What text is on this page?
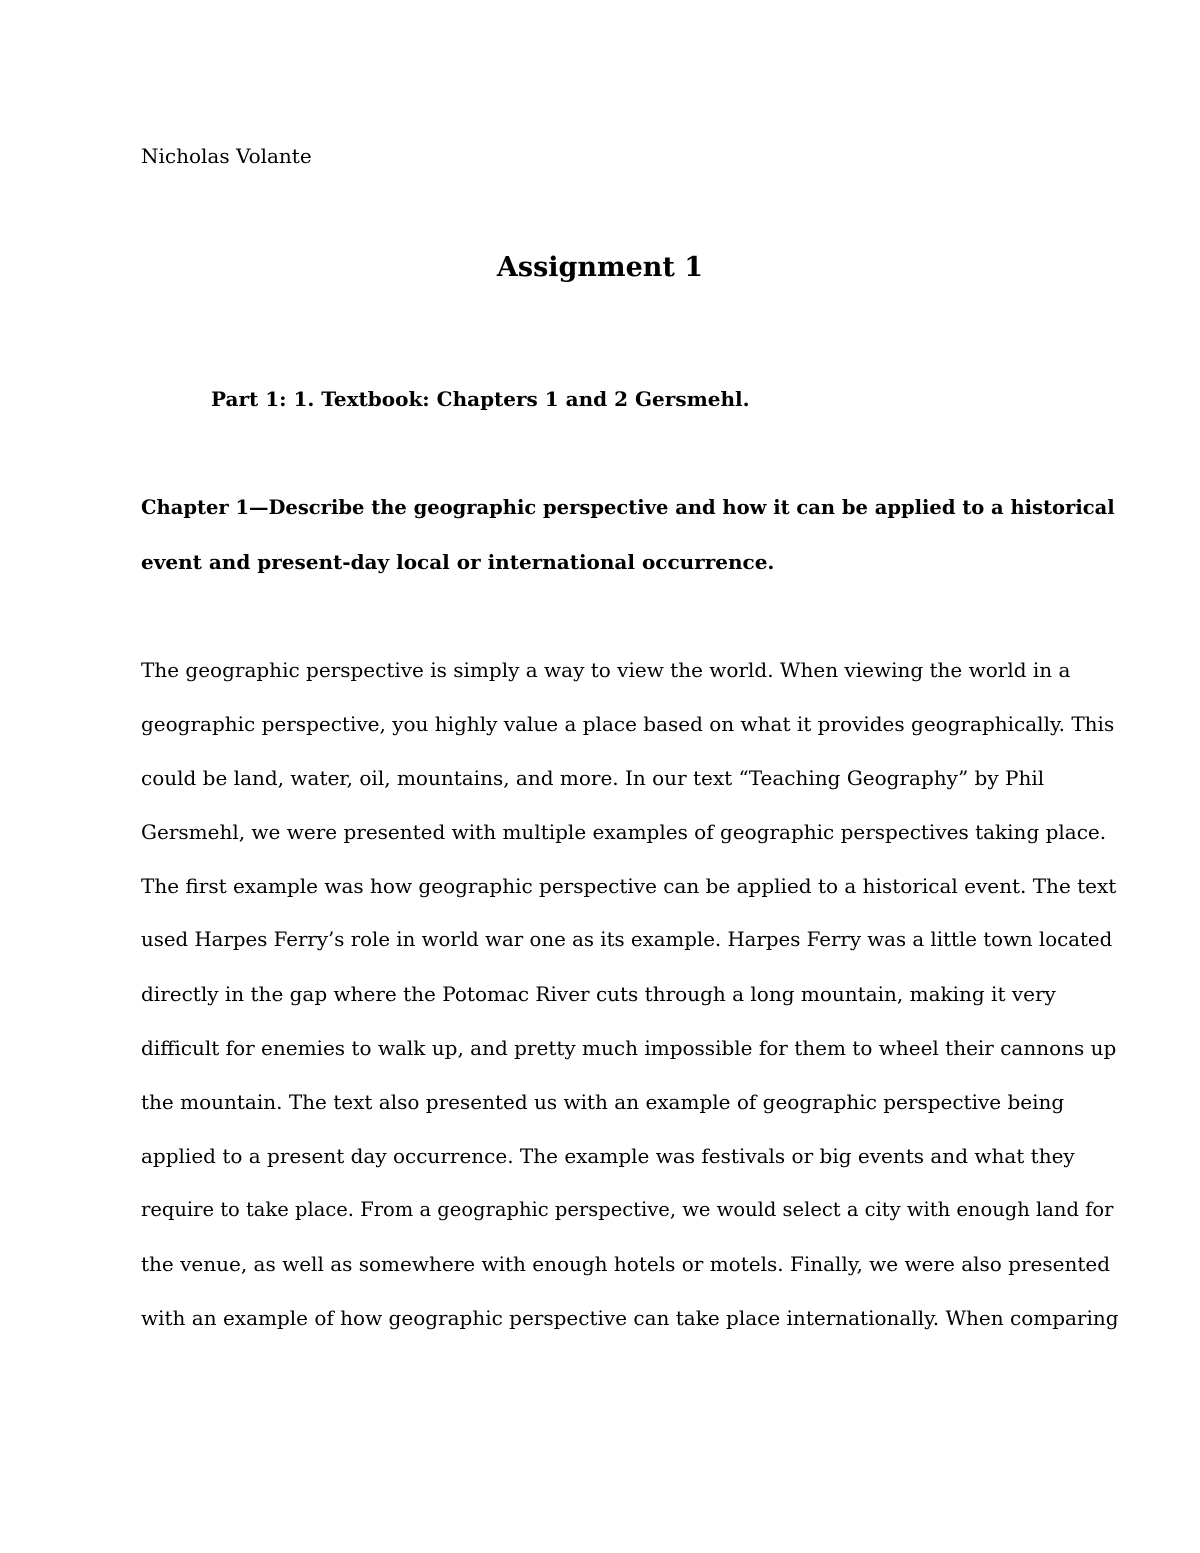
Nicholas Volante
Assignment 1
Part 1: 1. Textbook: Chapters 1 and 2 Gersmehl.
Chapter 1—Describe the geographic perspective and how it can be applied to a historical
event and present-day local or international occurrence.
The geographic perspective is simply a way to view the world. When viewing the world in a
geographic perspective, you highly value a place based on what it provides geographically. This
could be land, water, oil, mountains, and more. In our text “Teaching Geography” by Phil
Gersmehl, we were presented with multiple examples of geographic perspectives taking place.
The first example was how geographic perspective can be applied to a historical event. The text
used Harpes Ferry’s role in world war one as its example. Harpes Ferry was a little town located
directly in the gap where the Potomac River cuts through a long mountain, making it very
difficult for enemies to walk up, and pretty much impossible for them to wheel their cannons up
the mountain. The text also presented us with an example of geographic perspective being
applied to a present day occurrence. The example was festivals or big events and what they
require to take place. From a geographic perspective, we would select a city with enough land for
the venue, as well as somewhere with enough hotels or motels. Finally, we were also presented
with an example of how geographic perspective can take place internationally. When comparing
